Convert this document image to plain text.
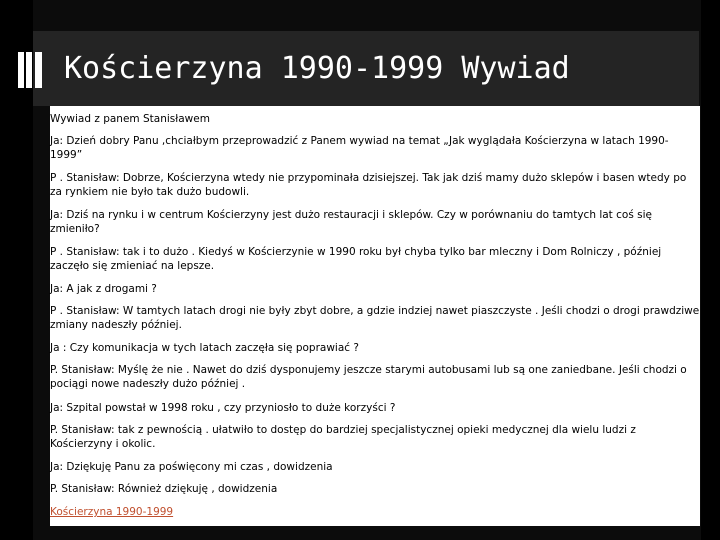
Kościerzyna 1990-1999 Wywiad
Wywiad z panem Stanisławem
Ja: Dzień dobry Panu ,chciałbym przeprowadzić z Panem wywiad na temat „Jak wyglądała Kościerzyna w latach 1990-1999”
P . Stanisław: Dobrze, Kościerzyna wtedy nie przypominała dzisiejszej. Tak jak dziś mamy dużo sklepów i basen wtedy po za rynkiem nie było tak dużo budowli.
Ja: Dziś na rynku i w centrum Kościerzyny jest dużo restauracji i sklepów. Czy w porównaniu do tamtych lat coś się zmieniło?
P . Stanisław: tak i to dużo . Kiedyś w Kościerzynie w 1990 roku był chyba tylko bar mleczny i Dom Rolniczy , później zaczęło się zmieniać na lepsze.
Ja: A jak z drogami ?
P . Stanisław: W tamtych latach drogi nie były zbyt dobre, a gdzie indziej nawet piaszczyste . Jeśli chodzi o drogi prawdziwe zmiany nadeszły później.
Ja : Czy komunikacja w tych latach zaczęła się poprawiać ?
P. Stanisław: Myślę że nie . Nawet do dziś dysponujemy jeszcze starymi autobusami lub są one zaniedbane. Jeśli chodzi o pociągi nowe nadeszły dużo później .
Ja: Szpital powstał w 1998 roku , czy przyniosło to duże korzyści ?
P. Stanisław: tak z pewnością . ułatwiło to dostęp do bardziej specjalistycznej opieki medycznej dla wielu ludzi z Kościerzyny i okolic.
Ja: Dziękuję Panu za poświęcony mi czas , dowidzenia
P. Stanisław: Również dziękuję , dowidzenia
Kościerzyna 1990-1999
